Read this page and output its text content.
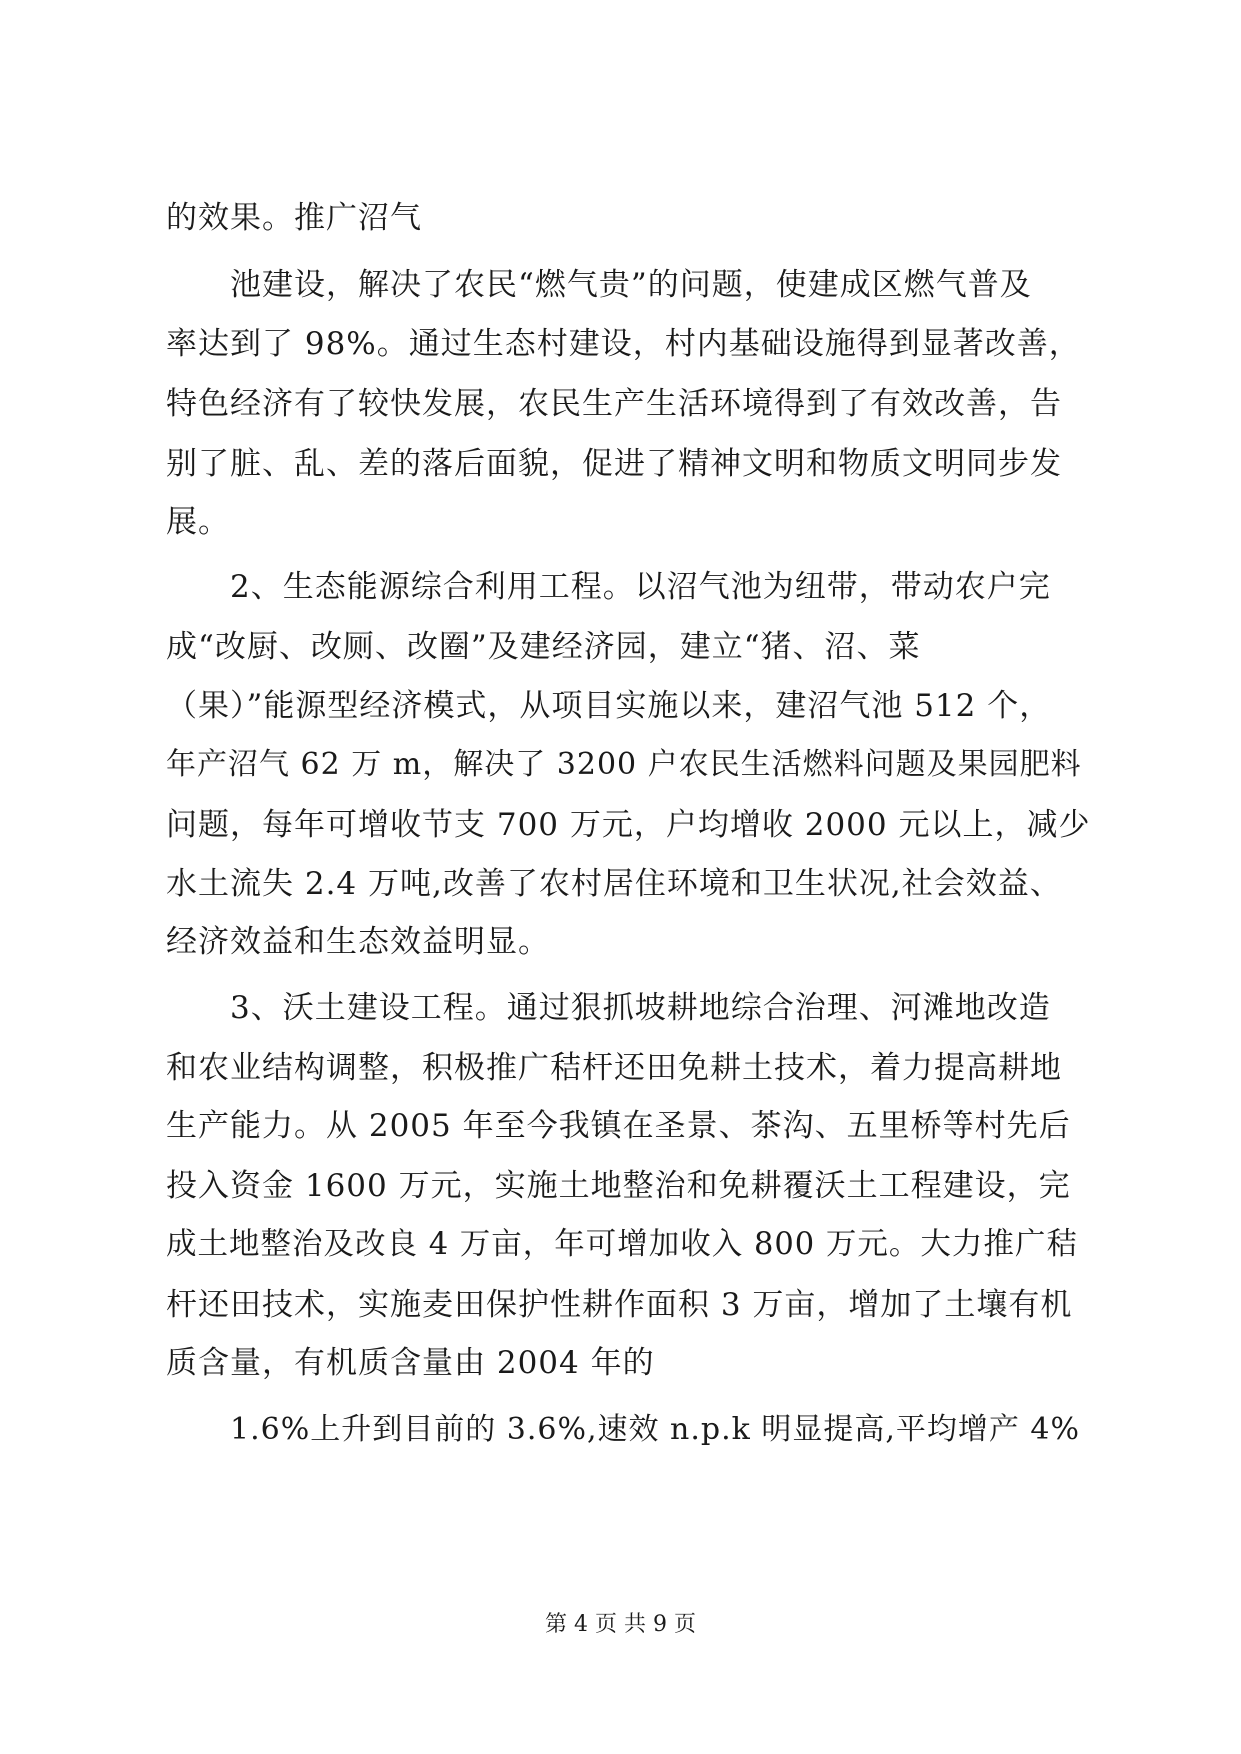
的效果。推广沼气
池建设，解决了农民“燃气贵”的问题，使建成区燃气普及
率达到了 98%。通过生态村建设，村内基础设施得到显著改善，
特色经济有了较快发展，农民生产生活环境得到了有效改善，告
别了脏、乱、差的落后面貌，促进了精神文明和物质文明同步发
展。
2、生态能源综合利用工程。以沼气池为纽带，带动农户完
成“改厨、改厕、改圈”及建经济园，建立“猪、沼、菜
（果）”能源型经济模式，从项目实施以来，建沼气池 512 个，
年产沼气 62 万 m，解决了 3200 户农民生活燃料问题及果园肥料
问题，每年可增收节支 700 万元，户均增收 2000 元以上，减少
水土流失 2.4 万吨,改善了农村居住环境和卫生状况,社会效益、
经济效益和生态效益明显。
3、沃土建设工程。通过狠抓坡耕地综合治理、河滩地改造
和农业结构调整，积极推广秸杆还田免耕土技术，着力提高耕地
生产能力。从 2005 年至今我镇在圣景、茶沟、五里桥等村先后
投入资金 1600 万元，实施土地整治和免耕覆沃土工程建设，完
成土地整治及改良 4 万亩，年可增加收入 800 万元。大力推广秸
杆还田技术，实施麦田保护性耕作面积 3 万亩，增加了土壤有机
质含量，有机质含量由 2004 年的
1.6%上升到目前的 3.6%,速效 n.p.k 明显提高,平均增产 4%
第 4 页 共 9 页
